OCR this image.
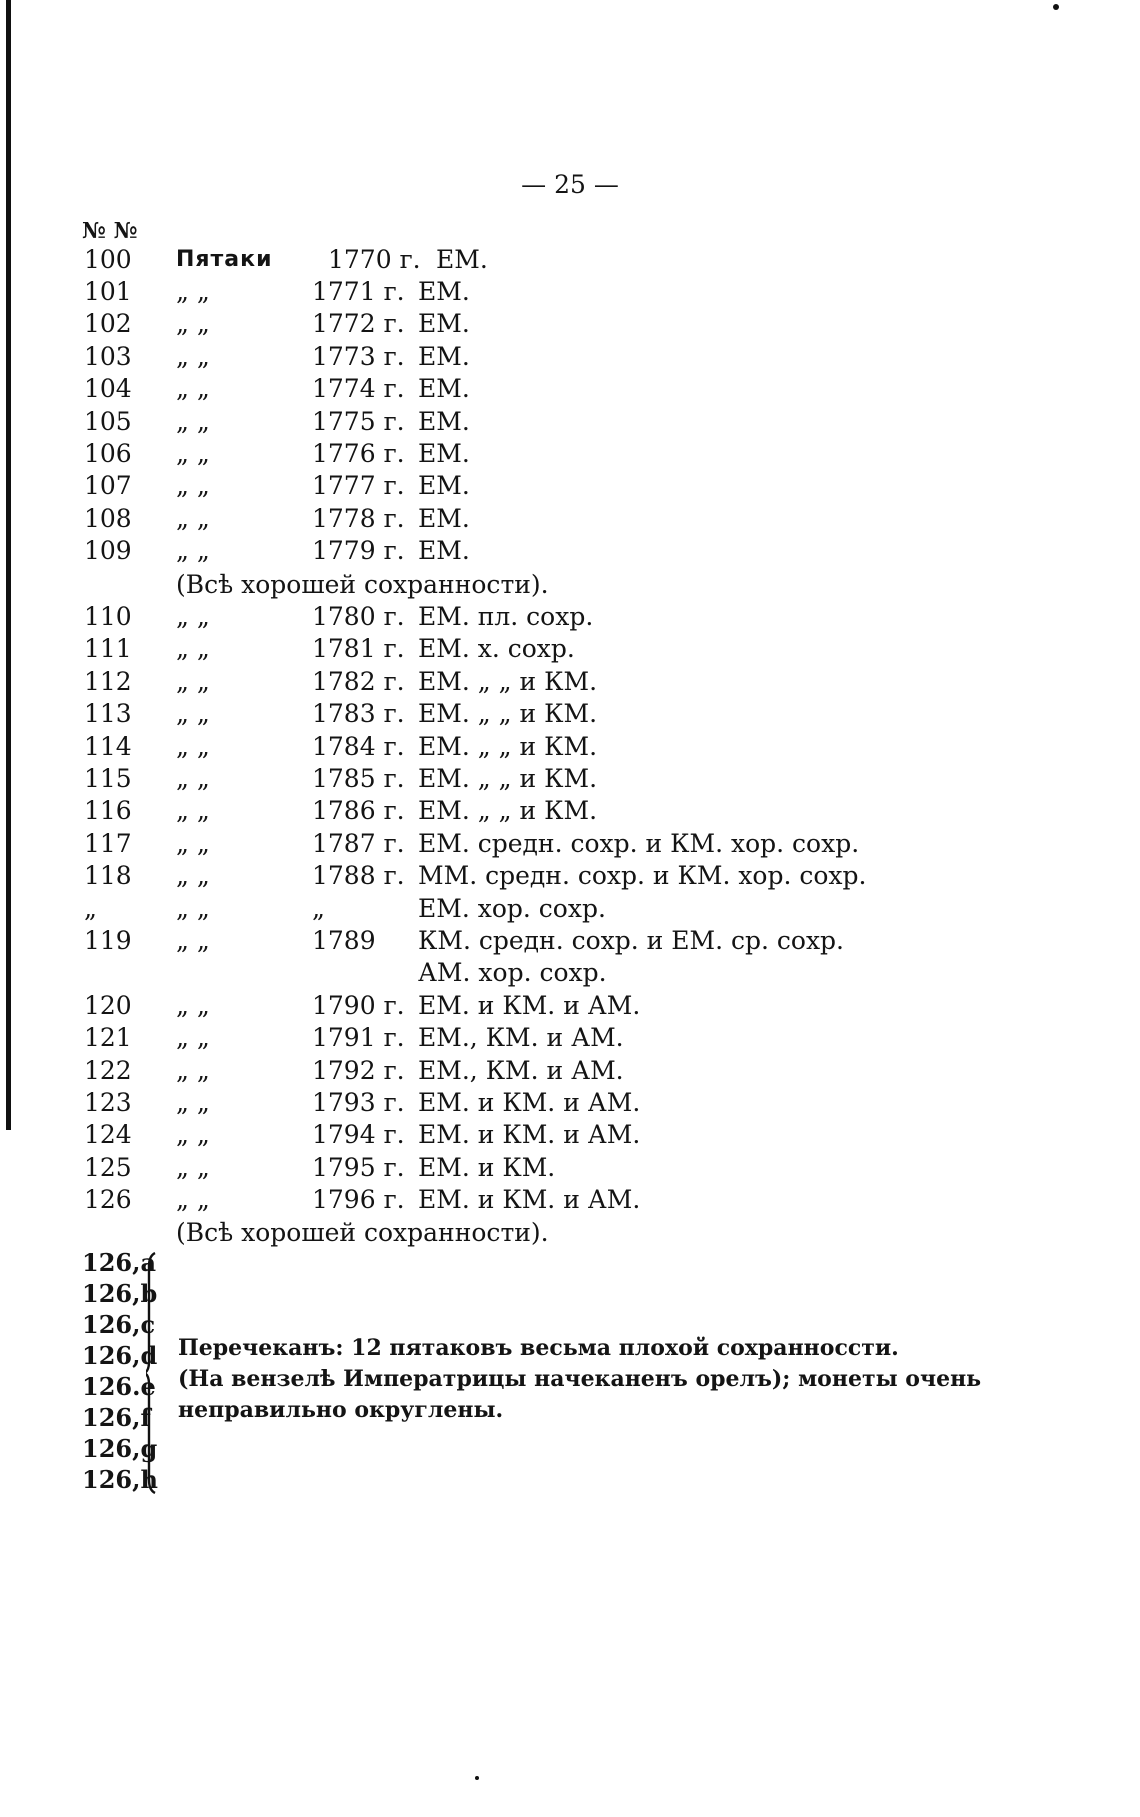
— 25 —
№ №
100 Пятаки 1770 г. ЕМ.
101 „ „	1771 г. ЕМ.
102 „ „	1772 г. ЕМ.
103 „ „	1773 г. ЕМ.
104 „ „	1774 г. ЕМ.
105 „ „	1775 г. ЕМ.
106 „ „	1776 г. ЕМ.
107 „ „	1777 г. ЕМ.
108 „ „	1778 г. ЕМ.
109 „ „	1779 г. ЕМ.
(Всѣ хорошей сохранности).
110 „ „	1780 г. ЕМ. пл. сохр.
111 „ „	1781 г. ЕМ. х. сохр.
112 „ „	1782 г. ЕМ. „ „ и КМ.
113 „ „	1783 г. ЕМ. „ „ и КМ.
114 „ „	1784 г. ЕМ. „ „ и КМ.
115 „ „	1785 г. ЕМ. „ „ и КМ.
116 „ „	1786 г. ЕМ. „ „ и КМ.
117 „ „	1787 г. ЕМ. средн. сохр. и КМ. хор. сохр.
118 „ „	1788 г. ММ. средн. сохр. и КМ. хор. сохр.
„	„ „	„	ЕМ. хор. сохр.
119 „ „	1789 КМ. средн. сохр. и ЕМ. ср. сохр.
АМ. хор. сохр.
120 „ „	1790 г. ЕМ. и КМ. и АМ.
121 „ „	1791 г. ЕМ., КМ. и АМ.
122 „ „	1792 г. ЕМ., КМ. и АМ.
123 „ „	1793 г. ЕМ. и КМ. и АМ.
124 „ „	1794 г. ЕМ. и КМ. и АМ.
125 „ „	1795 г. ЕМ. и КМ.
126 „ „	1796 г. ЕМ. и КМ. и АМ.
(Всѣ хорошей сохранности).
126,a
126,b
126,c
126,d
126.e
126,f
126,g
126,h
Перечеканъ: 12 пятаковъ весьма плохой сохранноссти.
(На вензелѣ Императрицы начеканенъ орелъ); монеты очень
неправильно округлены.
